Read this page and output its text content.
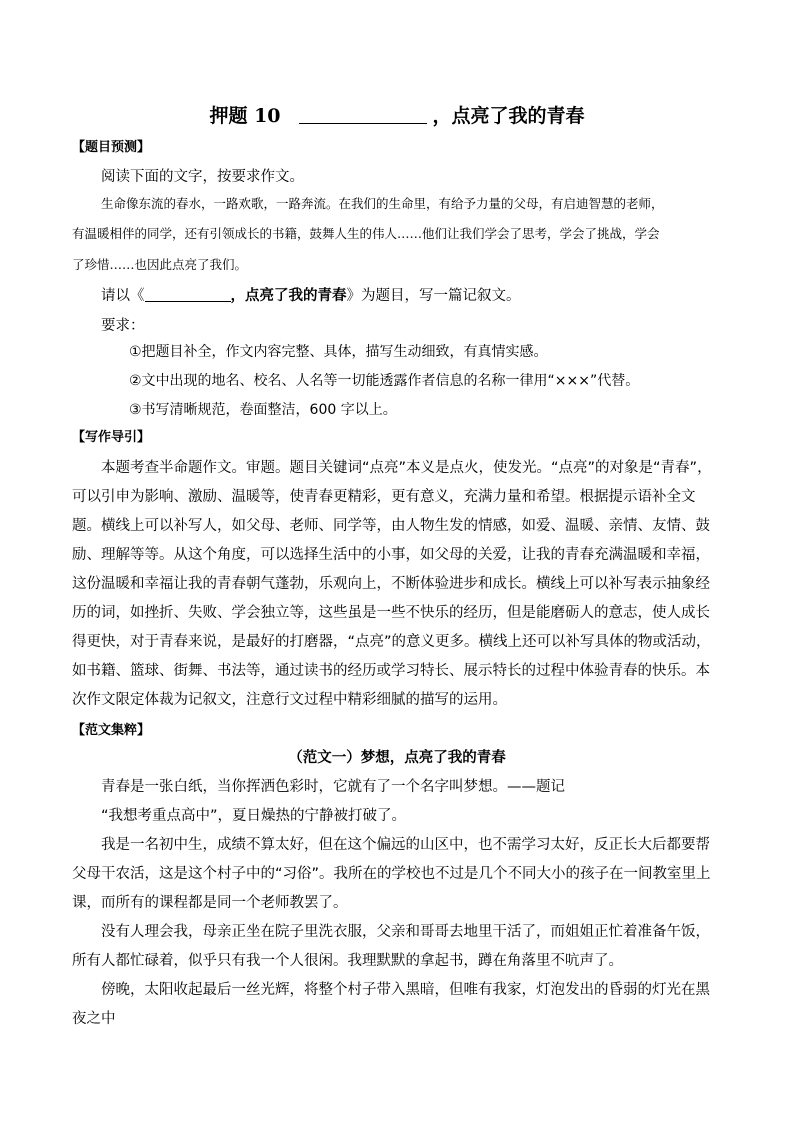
押题 10	，点亮了我的青春
【题目预测】

阅读下面的文字，按要求作文。

生命像东流的春水，一路欢歌，一路奔流。在我们的生命里，有给予力量的父母，有启迪智慧的老师，

有温暖相伴的同学，还有引领成长的书籍，鼓舞人生的伟人……他们让我们学会了思考，学会了挑战，学会

了珍惜……也因此点亮了我们。

请以《	，点亮了我的青春》为题目，写一篇记叙文。

要求：

①把题目补全，作文内容完整、具体，描写生动细致，有真情实感。
②文中出现的地名、校名、人名等一切能透露作者信息的名称一律用“×××”代替。
③书写清晰规范，卷面整洁，600 字以上。
【写作导引】

本题考查半命题作文。审题。题目关键词“点亮”本义是点火，使发光。“点亮”的对象是“青春”，可以引申为影响、激励、温暖等，使青春更精彩，更有意义，充满力量和希望。根据提示语补全文题。横线上可以补写人，如父母、老师、同学等，由人物生发的情感，如爱、温暖、亲情、友情、鼓励、理解等等。从这个角度，可以选择生活中的小事，如父母的关爱，让我的青春充满温暖和幸福，这份温暖和幸福让我的青春朝气蓬勃，乐观向上，不断体验进步和成长。横线上可以补写表示抽象经历的词，如挫折、失败、学会独立等，这些虽是一些不快乐的经历，但是能磨砺人的意志，使人成长得更快，对于青春来说，是最好的打磨器，“点亮”的意义更多。横线上还可以补写具体的物或活动，如书籍、篮球、街舞、书法等，通过读书的经历或学习特长、展示特长的过程中体验青春的快乐。本次作文限定体裁为记叙文，注意行文过程中精彩细腻的描写的运用。

【范文集粹】
（范文一）梦想，点亮了我的青春

青春是一张白纸，当你挥洒色彩时，它就有了一个名字叫梦想。——题记

“我想考重点高中”，夏日燥热的宁静被打破了。

我是一名初中生，成绩不算太好，但在这个偏远的山区中，也不需学习太好，反正长大后都要帮父母干农活，这是这个村子中的“习俗”。我所在的学校也不过是几个不同大小的孩子在一间教室里上课，而所有的课程都是同一个老师教罢了。

没有人理会我，母亲正坐在院子里洗衣服，父亲和哥哥去地里干活了，而姐姐正忙着准备午饭，所有人都忙碌着，似乎只有我一个人很闲。我理默默的拿起书，蹲在角落里不吭声了。

傍晚，太阳收起最后一丝光辉，将整个村子带入黑暗，但唯有我家，灯泡发出的昏弱的灯光在黑夜之中
